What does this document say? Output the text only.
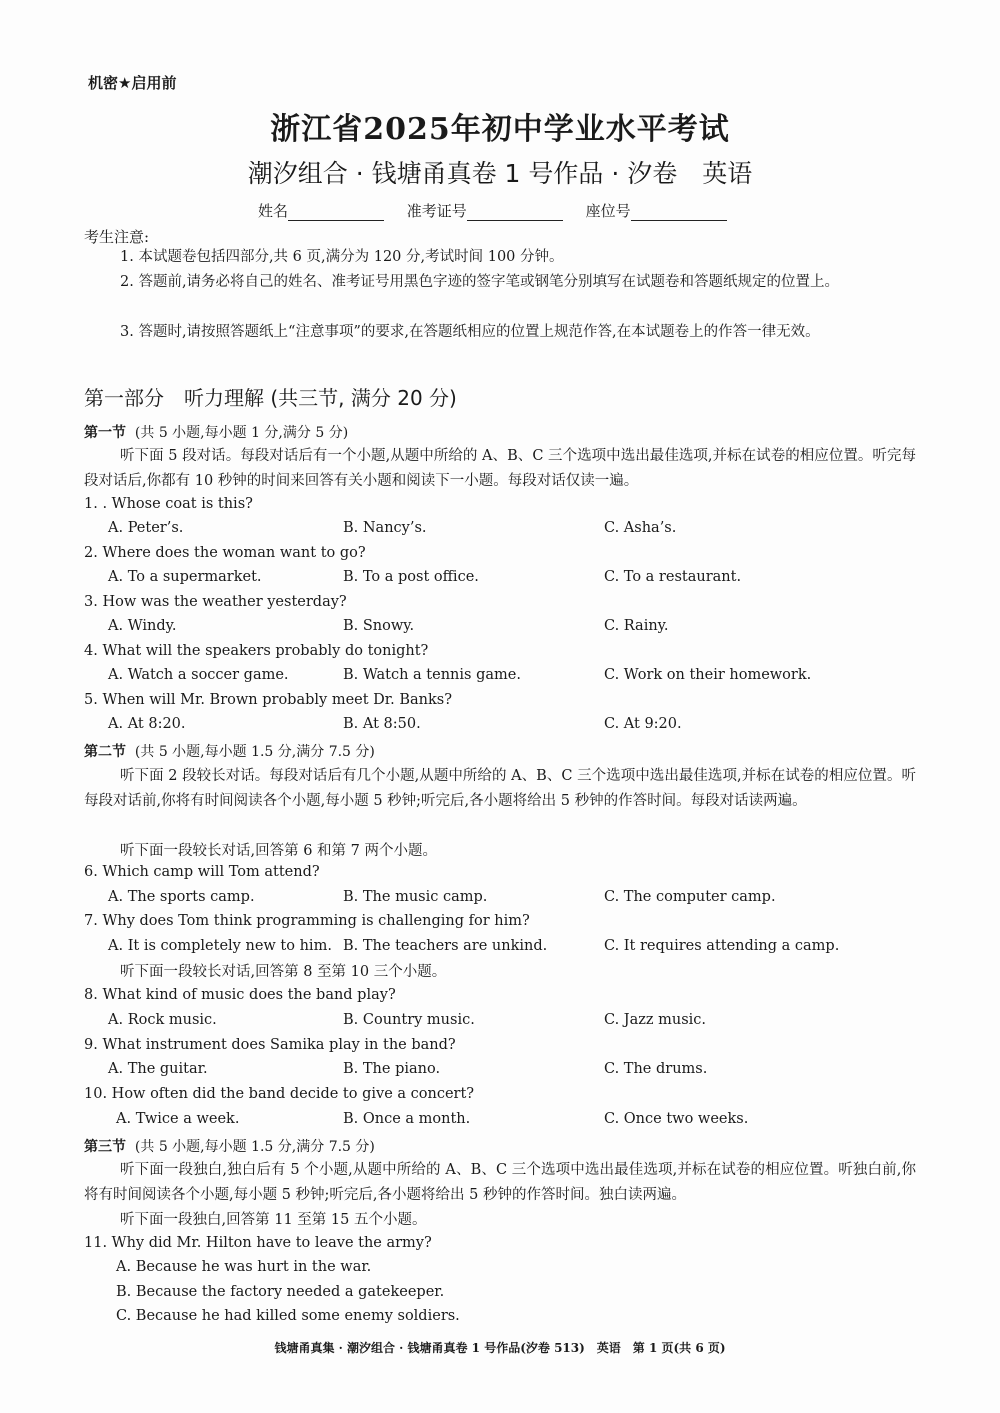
机密★启用前
浙江省2025年初中学业水平考试
潮汐组合 · 钱塘甬真卷 1 号作品 · 汐卷　英语
姓名	准考证号	座位号
考生注意:
1. 本试题卷包括四部分,共 6 页,满分为 120 分,考试时间 100 分钟。
2. 答题前,请务必将自己的姓名、准考证号用黑色字迹的签字笔或钢笔分别填写在试题卷和答题纸规定的位置上。
3. 答题时,请按照答题纸上“注意事项”的要求,在答题纸相应的位置上规范作答,在本试题卷上的作答一律无效。
第一部分　听力理解 (共三节, 满分 20 分)
第一节 (共 5 小题,每小题 1 分,满分 5 分)
听下面 5 段对话。每段对话后有一个小题,从题中所给的 A、B、C 三个选项中选出最佳选项,并标在试卷的相应位置。听完每段对话后,你都有 10 秒钟的时间来回答有关小题和阅读下一小题。每段对话仅读一遍。
1. . Whose coat is this?
A. Peter’s.	B. Nancy’s.	C. Asha’s.
2. Where does the woman want to go?
A. To a supermarket.	B. To a post office.	C. To a restaurant.
3. How was the weather yesterday?
A. Windy.	B. Snowy.	C. Rainy.
4. What will the speakers probably do tonight?
A. Watch a soccer game.	B. Watch a tennis game.	C. Work on their homework.
5. When will Mr. Brown probably meet Dr. Banks?
A. At 8:20.	B. At 8:50.	C. At 9:20.
第二节 (共 5 小题,每小题 1.5 分,满分 7.5 分)
听下面 2 段较长对话。每段对话后有几个小题,从题中所给的 A、B、C 三个选项中选出最佳选项,并标在试卷的相应位置。听每段对话前,你将有时间阅读各个小题,每小题 5 秒钟;听完后,各小题将给出 5 秒钟的作答时间。每段对话读两遍。
听下面一段较长对话,回答第 6 和第 7 两个小题。
6. Which camp will Tom attend?
A. The sports camp.	B. The music camp.	C. The computer camp.
7. Why does Tom think programming is challenging for him?
A. It is completely new to him. B. The teachers are unkind.	C. It requires attending a camp.
听下面一段较长对话,回答第 8 至第 10 三个小题。
8. What kind of music does the band play?
A. Rock music.	B. Country music.	C. Jazz music.
9. What instrument does Samika play in the band?
A. The guitar.	B. The piano.	C. The drums.
10. How often did the band decide to give a concert?
A. Twice a week.	B. Once a month.	C. Once two weeks.
第三节 (共 5 小题,每小题 1.5 分,满分 7.5 分)
听下面一段独白,独白后有 5 个小题,从题中所给的 A、B、C 三个选项中选出最佳选项,并标在试卷的相应位置。听独白前,你将有时间阅读各个小题,每小题 5 秒钟;听完后,各小题将给出 5 秒钟的作答时间。独白读两遍。
听下面一段独白,回答第 11 至第 15 五个小题。
11. Why did Mr. Hilton have to leave the army?
A. Because he was hurt in the war.
B. Because the factory needed a gatekeeper.
C. Because he had killed some enemy soldiers.
钱塘甬真集 · 潮汐组合 · 钱塘甬真卷 1 号作品(汐卷 513)　英语　第 1 页(共 6 页)
